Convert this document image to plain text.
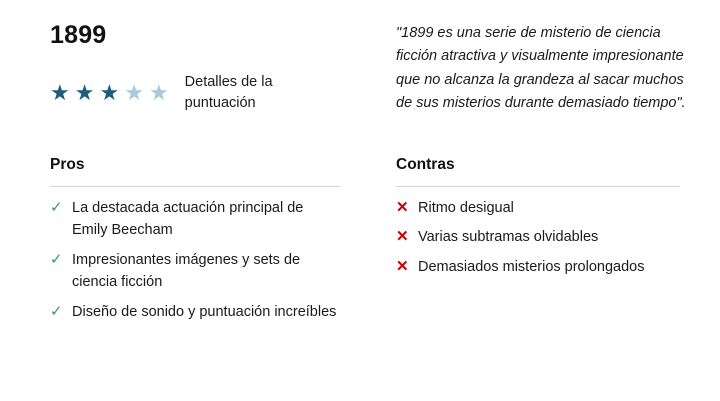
1899
★ ★ ★ ★ ★ Detalles de la puntuación

"1899 es una serie de misterio de ciencia ficción atractiva y visualmente impresionante que no alcanza la grandeza al sacar muchos de sus misterios durante demasiado tiempo".

Pros
✓ La destacada actuación principal de Emily Beecham
✓ Impresionantes imágenes y sets de ciencia ficción
✓ Diseño de sonido y puntuación increíbles
Contras
✕ Ritmo desigual
✕ Varias subtramas olvidables
✕ Demasiados misterios prolongados
